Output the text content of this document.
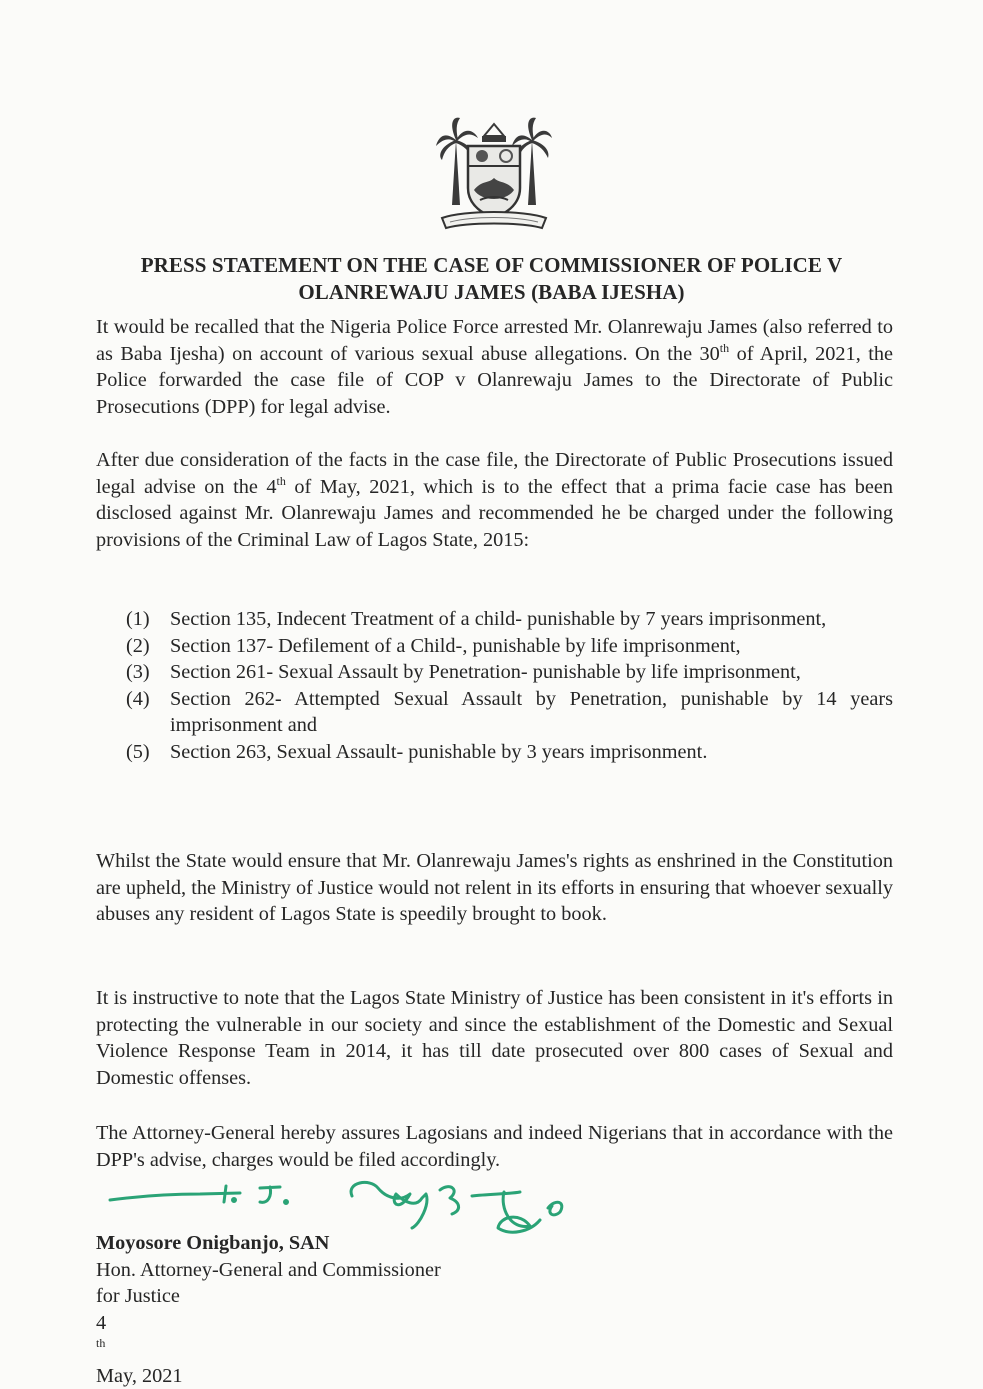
PRESS STATEMENT ON THE CASE OF COMMISSIONER OF POLICE V
OLANREWAJU JAMES (BABA IJESHA)

It would be recalled that the Nigeria Police Force arrested Mr. Olanrewaju James (also referred to as Baba Ijesha) on account of various sexual abuse allegations. On the 30th of April, 2021, the Police forwarded the case file of COP v Olanrewaju James to the Directorate of Public Prosecutions (DPP) for legal advise.

After due consideration of the facts in the case file, the Directorate of Public Prosecutions issued legal advise on the 4th of May, 2021, which is to the effect that a prima facie case has been disclosed against Mr. Olanrewaju James and recommended he be charged under the following provisions of the Criminal Law of Lagos State, 2015:

(1)	Section 135, Indecent Treatment of a child- punishable by 7 years imprisonment,
(2)	Section 137- Defilement of a Child-, punishable by life imprisonment,
(3)	Section 261- Sexual Assault by Penetration- punishable by life imprisonment,
(4)	Section 262- Attempted Sexual Assault by Penetration, punishable by 14 years imprisonment and
(5)	Section 263, Sexual Assault- punishable by 3 years imprisonment.

Whilst the State would ensure that Mr. Olanrewaju James's rights as enshrined in the Constitution are upheld, the Ministry of Justice would not relent in its efforts in ensuring that whoever sexually abuses any resident of Lagos State is speedily brought to book.

It is instructive to note that the Lagos State Ministry of Justice has been consistent in it's efforts in protecting the vulnerable in our society and since the establishment of the Domestic and Sexual Violence Response Team in 2014, it has till date prosecuted over 800 cases of Sexual and Domestic offenses.

The Attorney-General hereby assures Lagosians and indeed Nigerians that in accordance with the DPP's advise, charges would be filed accordingly.

Moyosore Onigbanjo, SAN
Hon. Attorney-General and Commissioner
for Justice
4
$^{th}$
May, 2021
